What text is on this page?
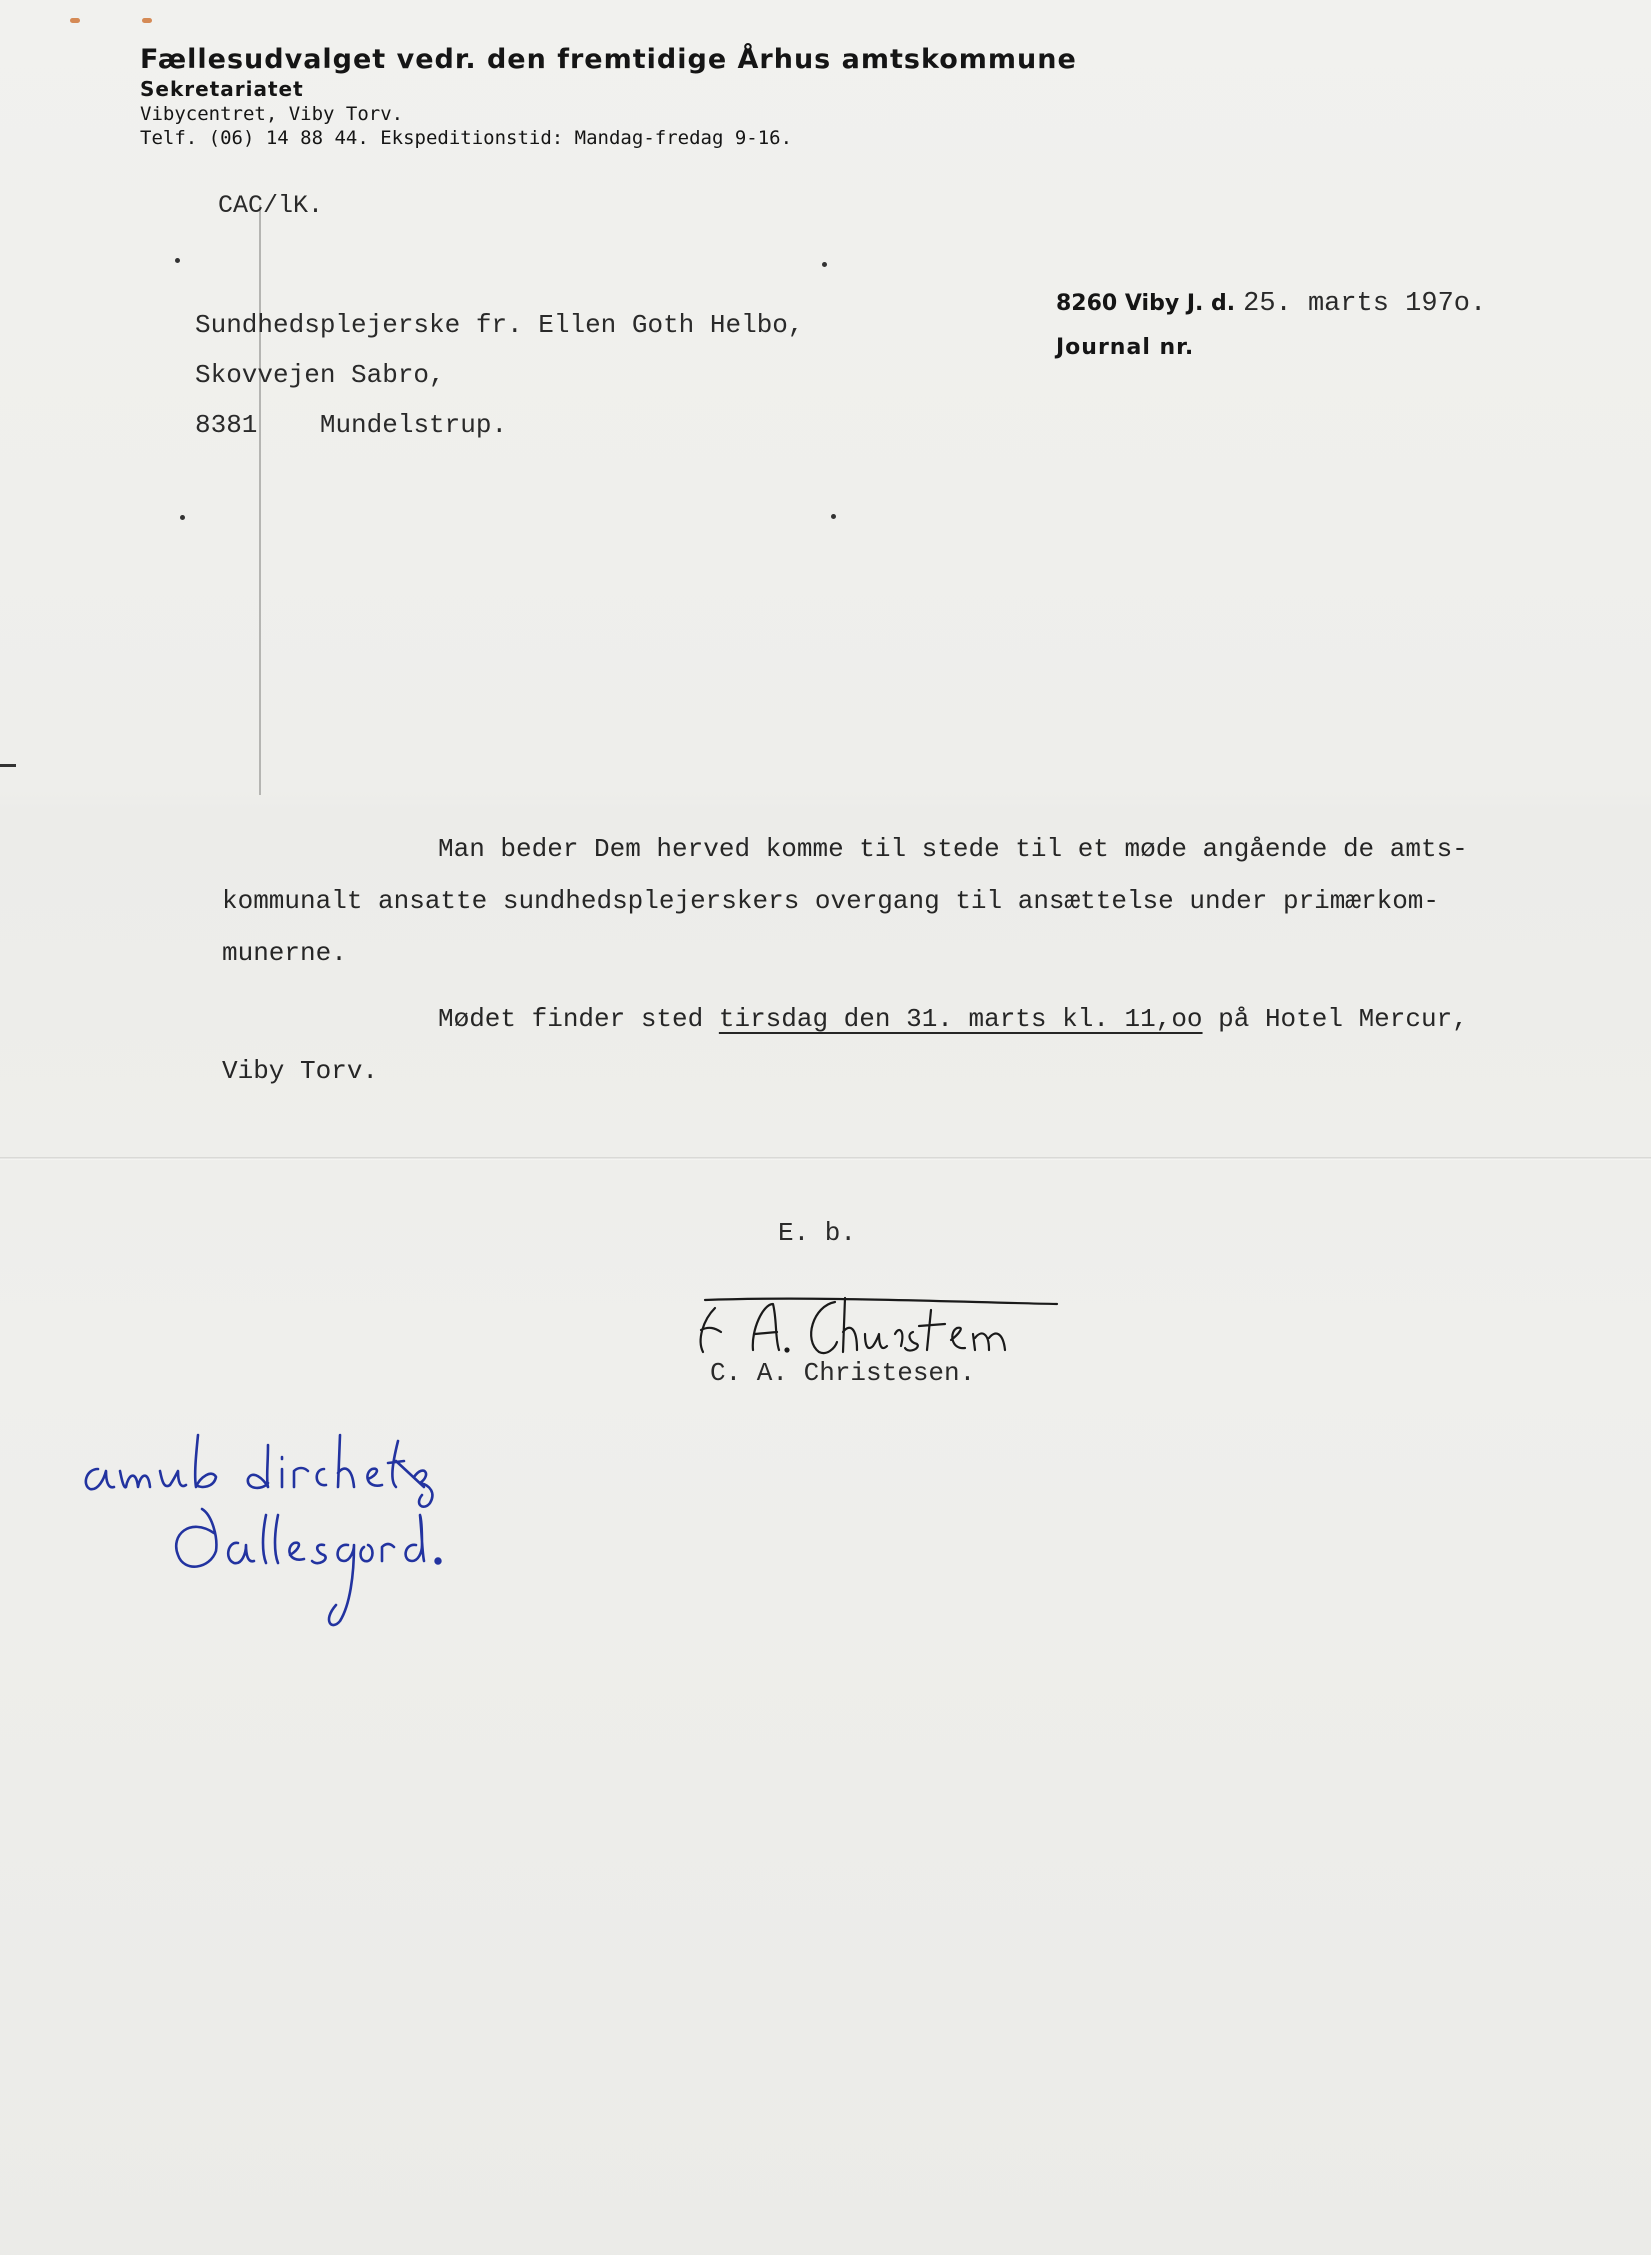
Fællesudvalget vedr. den fremtidige Århus amtskommune
Sekretariatet
Vibycentret, Viby Torv.
Telf. (06) 14 88 44. Ekspeditionstid: Mandag-fredag 9-16.
CAC/lK.
Sundhedsplejerske fr. Ellen Goth Helbo,
Skovvejen Sabro,
8381 Mundelstrup.
8260 Viby J. d. 25. marts 197o.
Journal nr.
Man beder Dem herved komme til stede til et møde angående de amts-
kommunalt ansatte sundhedsplejerskers overgang til ansættelse under primærkom-
munerne.
Mødet finder sted tirsdag den 31. marts kl. 11,oo på Hotel Mercur,
Viby Torv.
E. b.
C. A. Christesen.
